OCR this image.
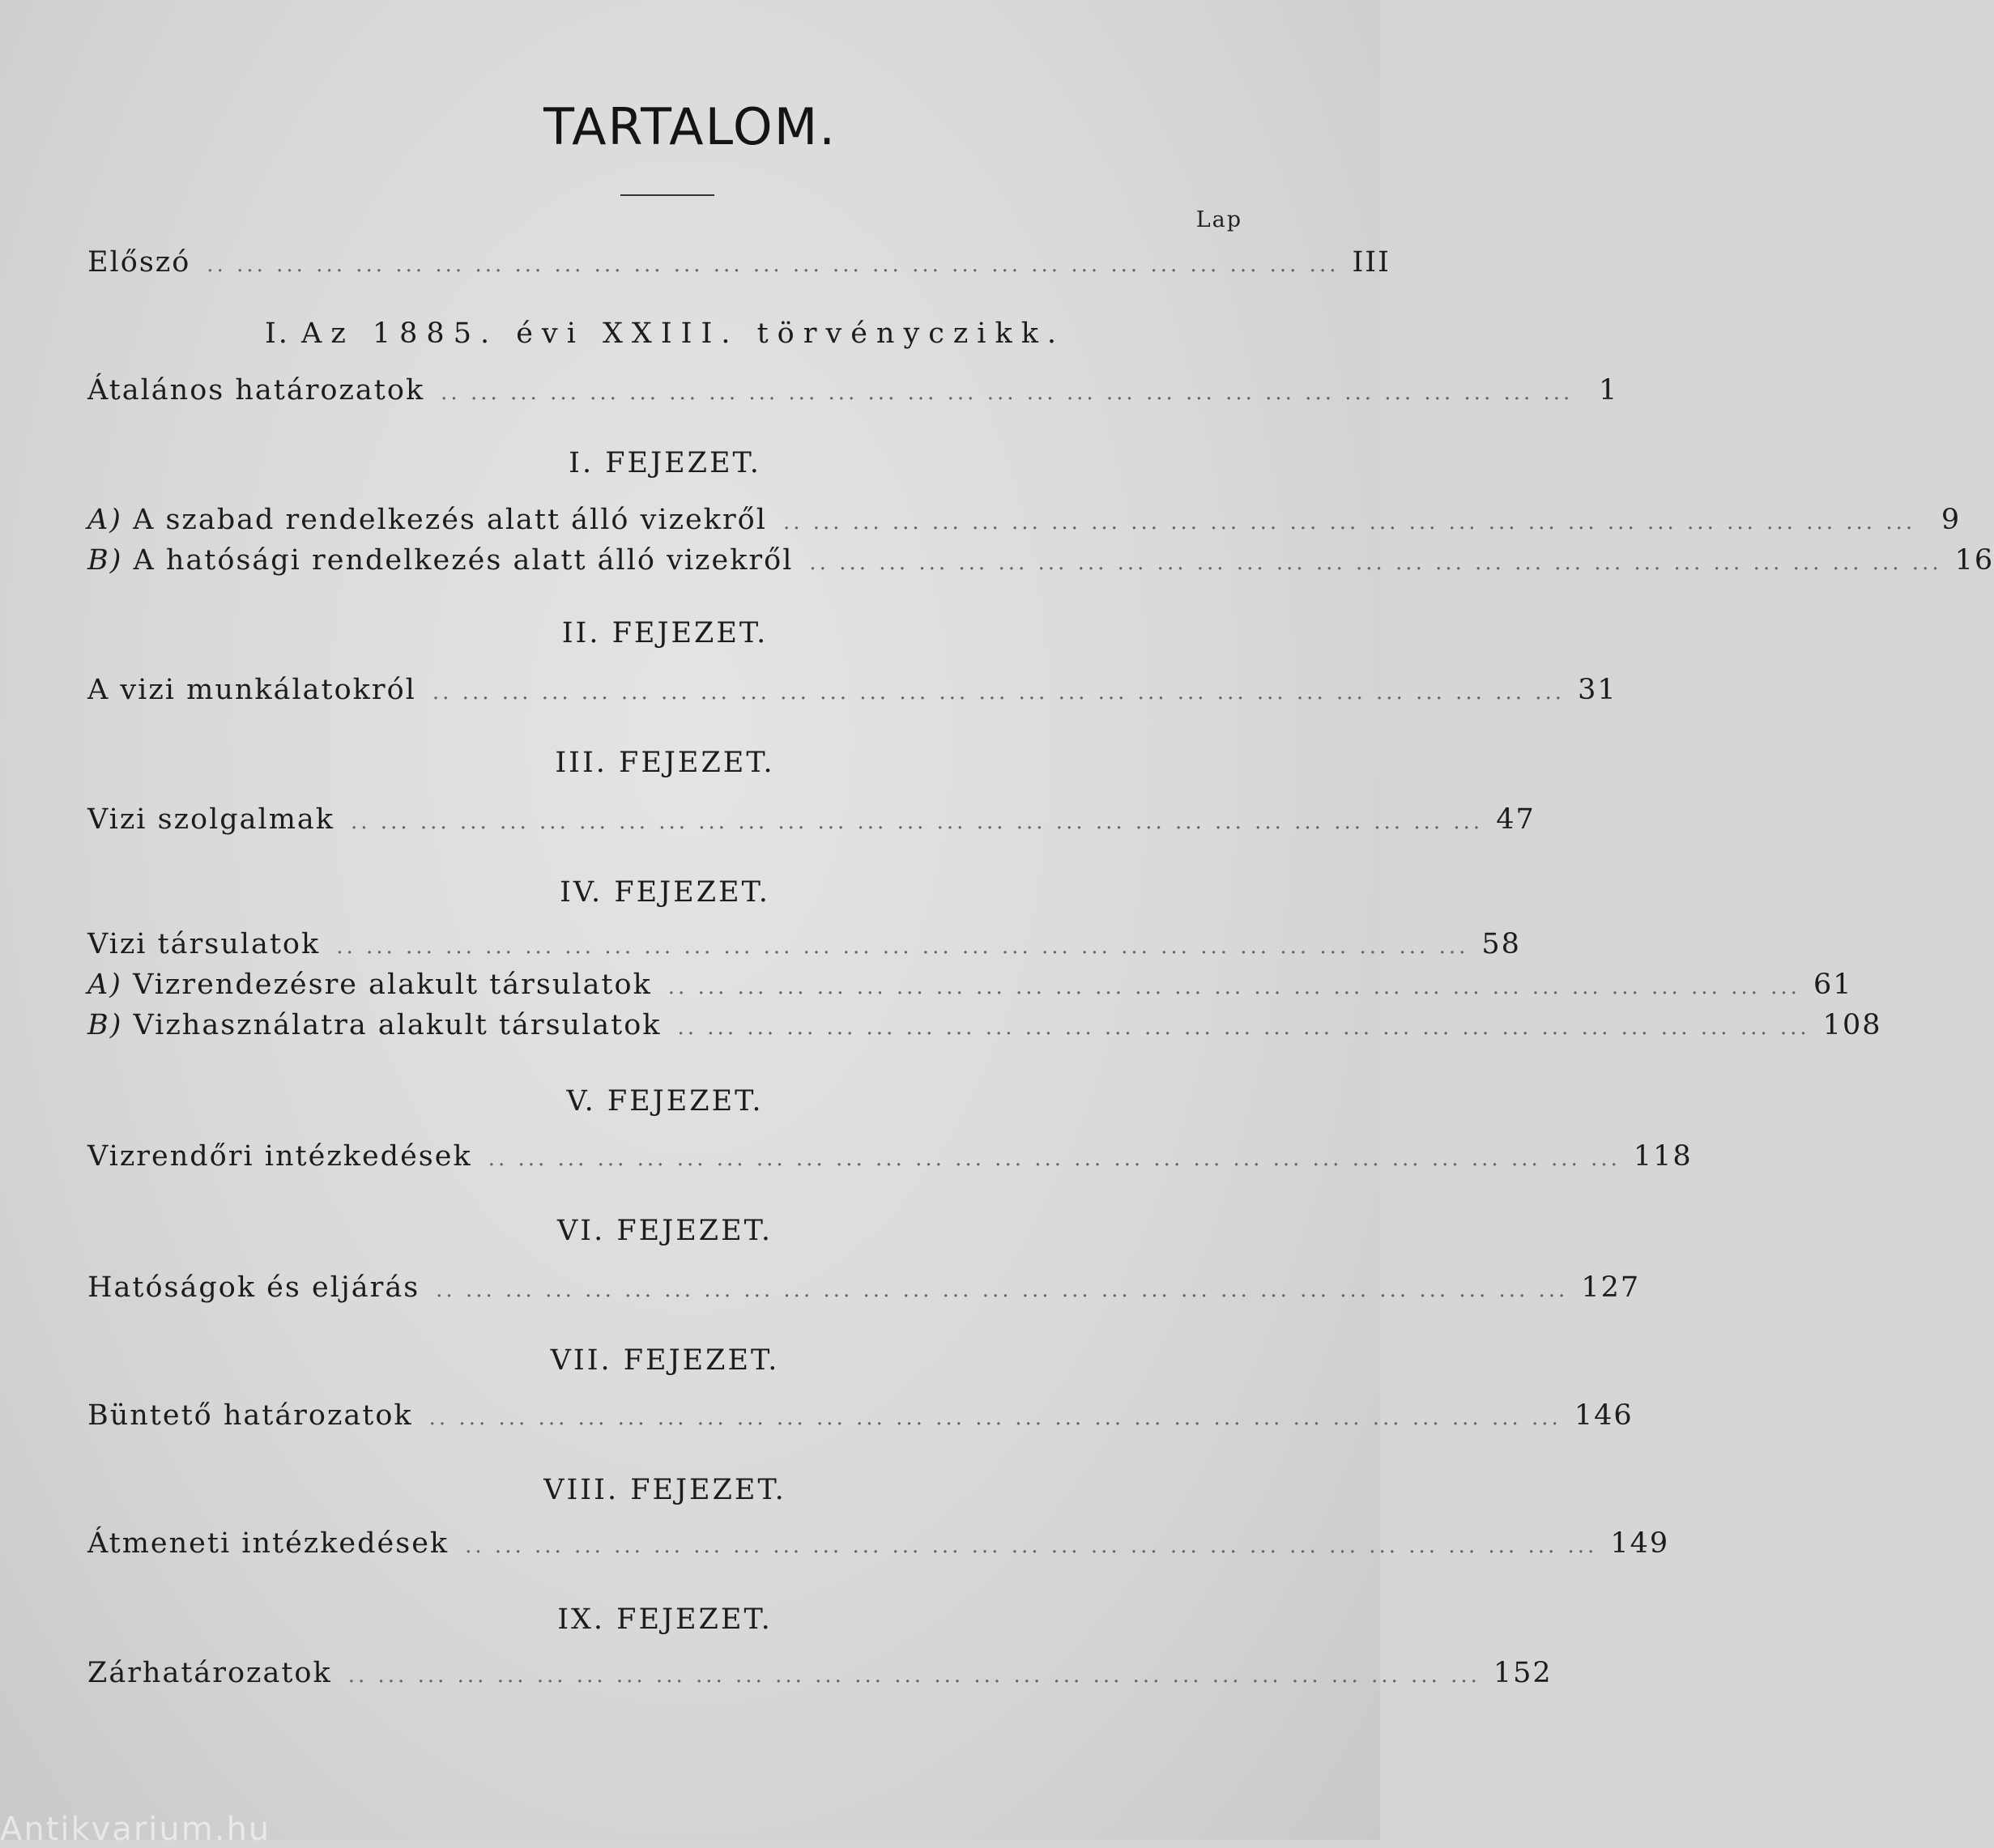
TARTALOM.
Lap
Előszó .. ... ... ... ... ... ... ... ... ... ... ... ... ... ... ... ... ... ... ... ... ... ... ... ... ... ... ... ... III
I. Az 1885. évi XXIII. törvényczikk.
Átalános határozatok .. ... ... ... ... ... ... ... ... ... ... ... ... ... ... ... ... ... ... ... ... ... ... ... ... ... ... ... ... 1
I. FEJEZET.
A) A szabad rendelkezés alatt álló vizekről .. ... ... ... ... ... ... ... ... ... ... ... ... ... ... ... ... ... ... ... ... ... ... ... ... ... ... ... ... 9
B) A hatósági rendelkezés alatt álló vizekről .. ... ... ... ... ... ... ... ... ... ... ... ... ... ... ... ... ... ... ... ... ... ... ... ... ... ... ... ... 16
II. FEJEZET.
A vizi munkálatokról .. ... ... ... ... ... ... ... ... ... ... ... ... ... ... ... ... ... ... ... ... ... ... ... ... ... ... ... ... 31
III. FEJEZET.
Vizi szolgalmak .. ... ... ... ... ... ... ... ... ... ... ... ... ... ... ... ... ... ... ... ... ... ... ... ... ... ... ... ... 47
IV. FEJEZET.
Vizi társulatok .. ... ... ... ... ... ... ... ... ... ... ... ... ... ... ... ... ... ... ... ... ... ... ... ... ... ... ... ... 58
A) Vizrendezésre alakult társulatok .. ... ... ... ... ... ... ... ... ... ... ... ... ... ... ... ... ... ... ... ... ... ... ... ... ... ... ... ... 61
B) Vizhasználatra alakult társulatok .. ... ... ... ... ... ... ... ... ... ... ... ... ... ... ... ... ... ... ... ... ... ... ... ... ... ... ... ... 108
V. FEJEZET.
Vizrendőri intézkedések .. ... ... ... ... ... ... ... ... ... ... ... ... ... ... ... ... ... ... ... ... ... ... ... ... ... ... ... ... 118
VI. FEJEZET.
Hatóságok és eljárás .. ... ... ... ... ... ... ... ... ... ... ... ... ... ... ... ... ... ... ... ... ... ... ... ... ... ... ... ... 127
VII. FEJEZET.
Büntető határozatok .. ... ... ... ... ... ... ... ... ... ... ... ... ... ... ... ... ... ... ... ... ... ... ... ... ... ... ... ... 146
VIII. FEJEZET.
Átmeneti intézkedések .. ... ... ... ... ... ... ... ... ... ... ... ... ... ... ... ... ... ... ... ... ... ... ... ... ... ... ... ... 149
IX. FEJEZET.
Zárhatározatok .. ... ... ... ... ... ... ... ... ... ... ... ... ... ... ... ... ... ... ... ... ... ... ... ... ... ... ... ... 152
Antikvarium.hu
